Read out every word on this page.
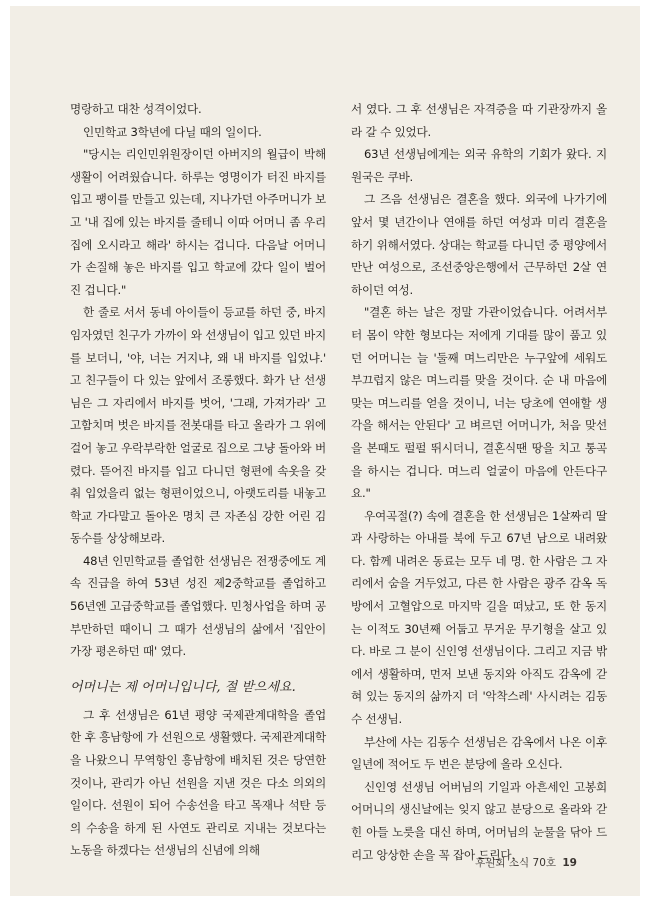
명랑하고 대찬 성격이었다.

인민학교 3학년에 다닐 때의 일이다.

"당시는 리인민위원장이던 아버지의 월급이 박해 생활이 어려웠습니다. 하루는 영명이가 터진 바지를 입고 팽이를 만들고 있는데, 지나가던 아주머니가 보고 '내 집에 있는 바지를 줄테니 이따 어머니 좀 우리집에 오시라고 해라' 하시는 겁니다. 다음날 어머니가 손질해 놓은 바지를 입고 학교에 갔다 일이 벌어진 겁니다."

한 줄로 서서 동네 아이들이 등교를 하던 중, 바지 임자였던 친구가 가까이 와 선생님이 입고 있던 바지를 보더니, '야, 너는 거지냐, 왜 내 바지를 입었냐.' 고 친구들이 다 있는 앞에서 조롱했다. 화가 난 선생님은 그 자리에서 바지를 벗어, '그래, 가져가라' 고 고함치며 벗은 바지를 전봇대를 타고 올라가 그 위에 걸어 놓고 우락부락한 얼굴로 집으로 그냥 돌아와 버렸다. 뜯어진 바지를 입고 다니던 형편에 속옷을 갖춰 입었을리 없는 형편이었으니, 아랫도리를 내놓고 학교 가다말고 돌아온 명치 큰 자존심 강한 어린 김동수를 상상해보라.

48년 인민학교를 졸업한 선생님은 전쟁중에도 계속 진급을 하여 53년 성진 제2중학교를 졸업하고 56년엔 고급중학교를 졸업했다. 민청사업을 하며 공부만하던 때이니 그 때가 선생님의 삶에서 '집안이 가장 평온하던 때' 였다.

어머니는 제 어머니입니다, 절 받으세요.

그 후 선생님은 61년 평양 국제관계대학을 졸업한 후 흥남항에 가 선원으로 생활했다. 국제관계대학을 나왔으니 무역항인 흥남항에 배치된 것은 당연한 것이나, 관리가 아닌 선원을 지낸 것은 다소 의외의 일이다. 선원이 되어 수송선을 타고 목재나 석탄 등의 수송을 하게 된 사연도 관리로 지내는 것보다는 노동을 하겠다는 선생님의 신념에 의해

서 였다. 그 후 선생님은 자격증을 따 기관장까지 올라 갈 수 있었다.

63년 선생님에게는 외국 유학의 기회가 왔다. 지원국은 쿠바.

그 즈음 선생님은 결혼을 했다. 외국에 나가기에 앞서 몇 년간이나 연애를 하던 여성과 미리 결혼을 하기 위해서였다. 상대는 학교를 다니던 중 평양에서 만난 여성으로, 조선중앙은행에서 근무하던 2살 연하이던 여성.

"결혼 하는 날은 정말 가관이었습니다. 어려서부터 몸이 약한 형보다는 저에게 기대를 많이 품고 있던 어머니는 늘 '둘째 며느리만은 누구앞에 세워도 부끄럽지 않은 며느리를 맞을 것이다. 순 내 마음에 맞는 며느리를 얻을 것이니, 너는 당초에 연애할 생각을 해서는 안된다' 고 벼르던 어머니가, 처음 맞선을 본때도 펄펄 뛰시더니, 결혼식땐 땅을 치고 통곡을 하시는 겁니다. 며느리 얼굴이 마음에 안든다구요."

우여곡절(?) 속에 결혼을 한 선생님은 1살짜리 딸과 사랑하는 아내를 북에 두고 67년 남으로 내려왔다. 함께 내려온 동료는 모두 네 명. 한 사람은 그 자리에서 숨을 거두었고, 다른 한 사람은 광주 감옥 독방에서 고혈압으로 마지막 길을 떠났고, 또 한 동지는 이적도 30년째 어둡고 무거운 무기형을 살고 있다. 바로 그 분이 신인영 선생님이다. 그리고 지금 밖에서 생활하며, 먼저 보낸 동지와 아직도 감옥에 갇혀 있는 동지의 삶까지 더 '악착스레' 사시려는 김동수 선생님.

부산에 사는 김동수 선생님은 감옥에서 나온 이후 일년에 적어도 두 번은 분당에 올라 오신다.

신인영 선생님 어버님의 기일과 아흔세인 고봉희 어머니의 생신날에는 잊지 않고 분당으로 올라와 갇힌 아들 노릇을 대신 하며, 어머님의 눈물을 닦아 드리고 앙상한 손을 꼭 잡아 드린다.

후원회 소식 70호 19
